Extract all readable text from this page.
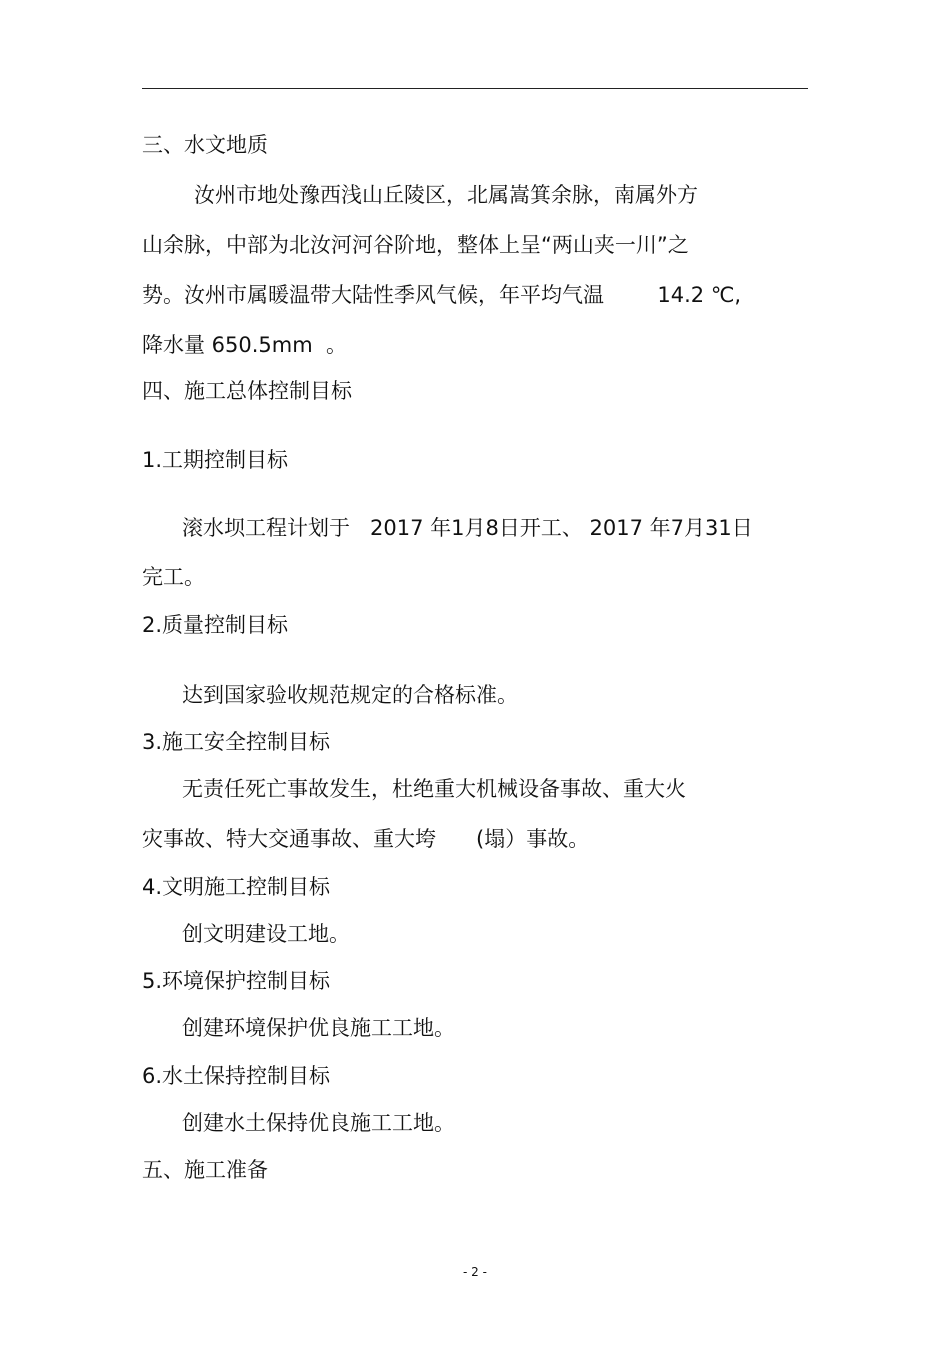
三、水文地质
汝州市地处豫西浅山丘陵区，北属嵩箕余脉，南属外方
山余脉，中部为北汝河河谷阶地，整体上呈“两山夹一川”之
势。汝州市属暖温带大陆性季风气候，年平均气温        14.2 ℃,
降水量 650.5mm  。
四、施工总体控制目标
1.工期控制目标
滚水坝工程计划于   2017 年1月8日开工、 2017 年7月31日
完工。
2.质量控制目标
达到国家验收规范规定的合格标准。
3.施工安全控制目标
无责任死亡事故发生，杜绝重大机械设备事故、重大火
灾事故、特大交通事故、重大垮      (塌）事故。
4.文明施工控制目标
创文明建设工地。
5.环境保护控制目标
创建环境保护优良施工工地。
6.水土保持控制目标
创建水土保持优良施工工地。
五、施工准备
- 2 -
